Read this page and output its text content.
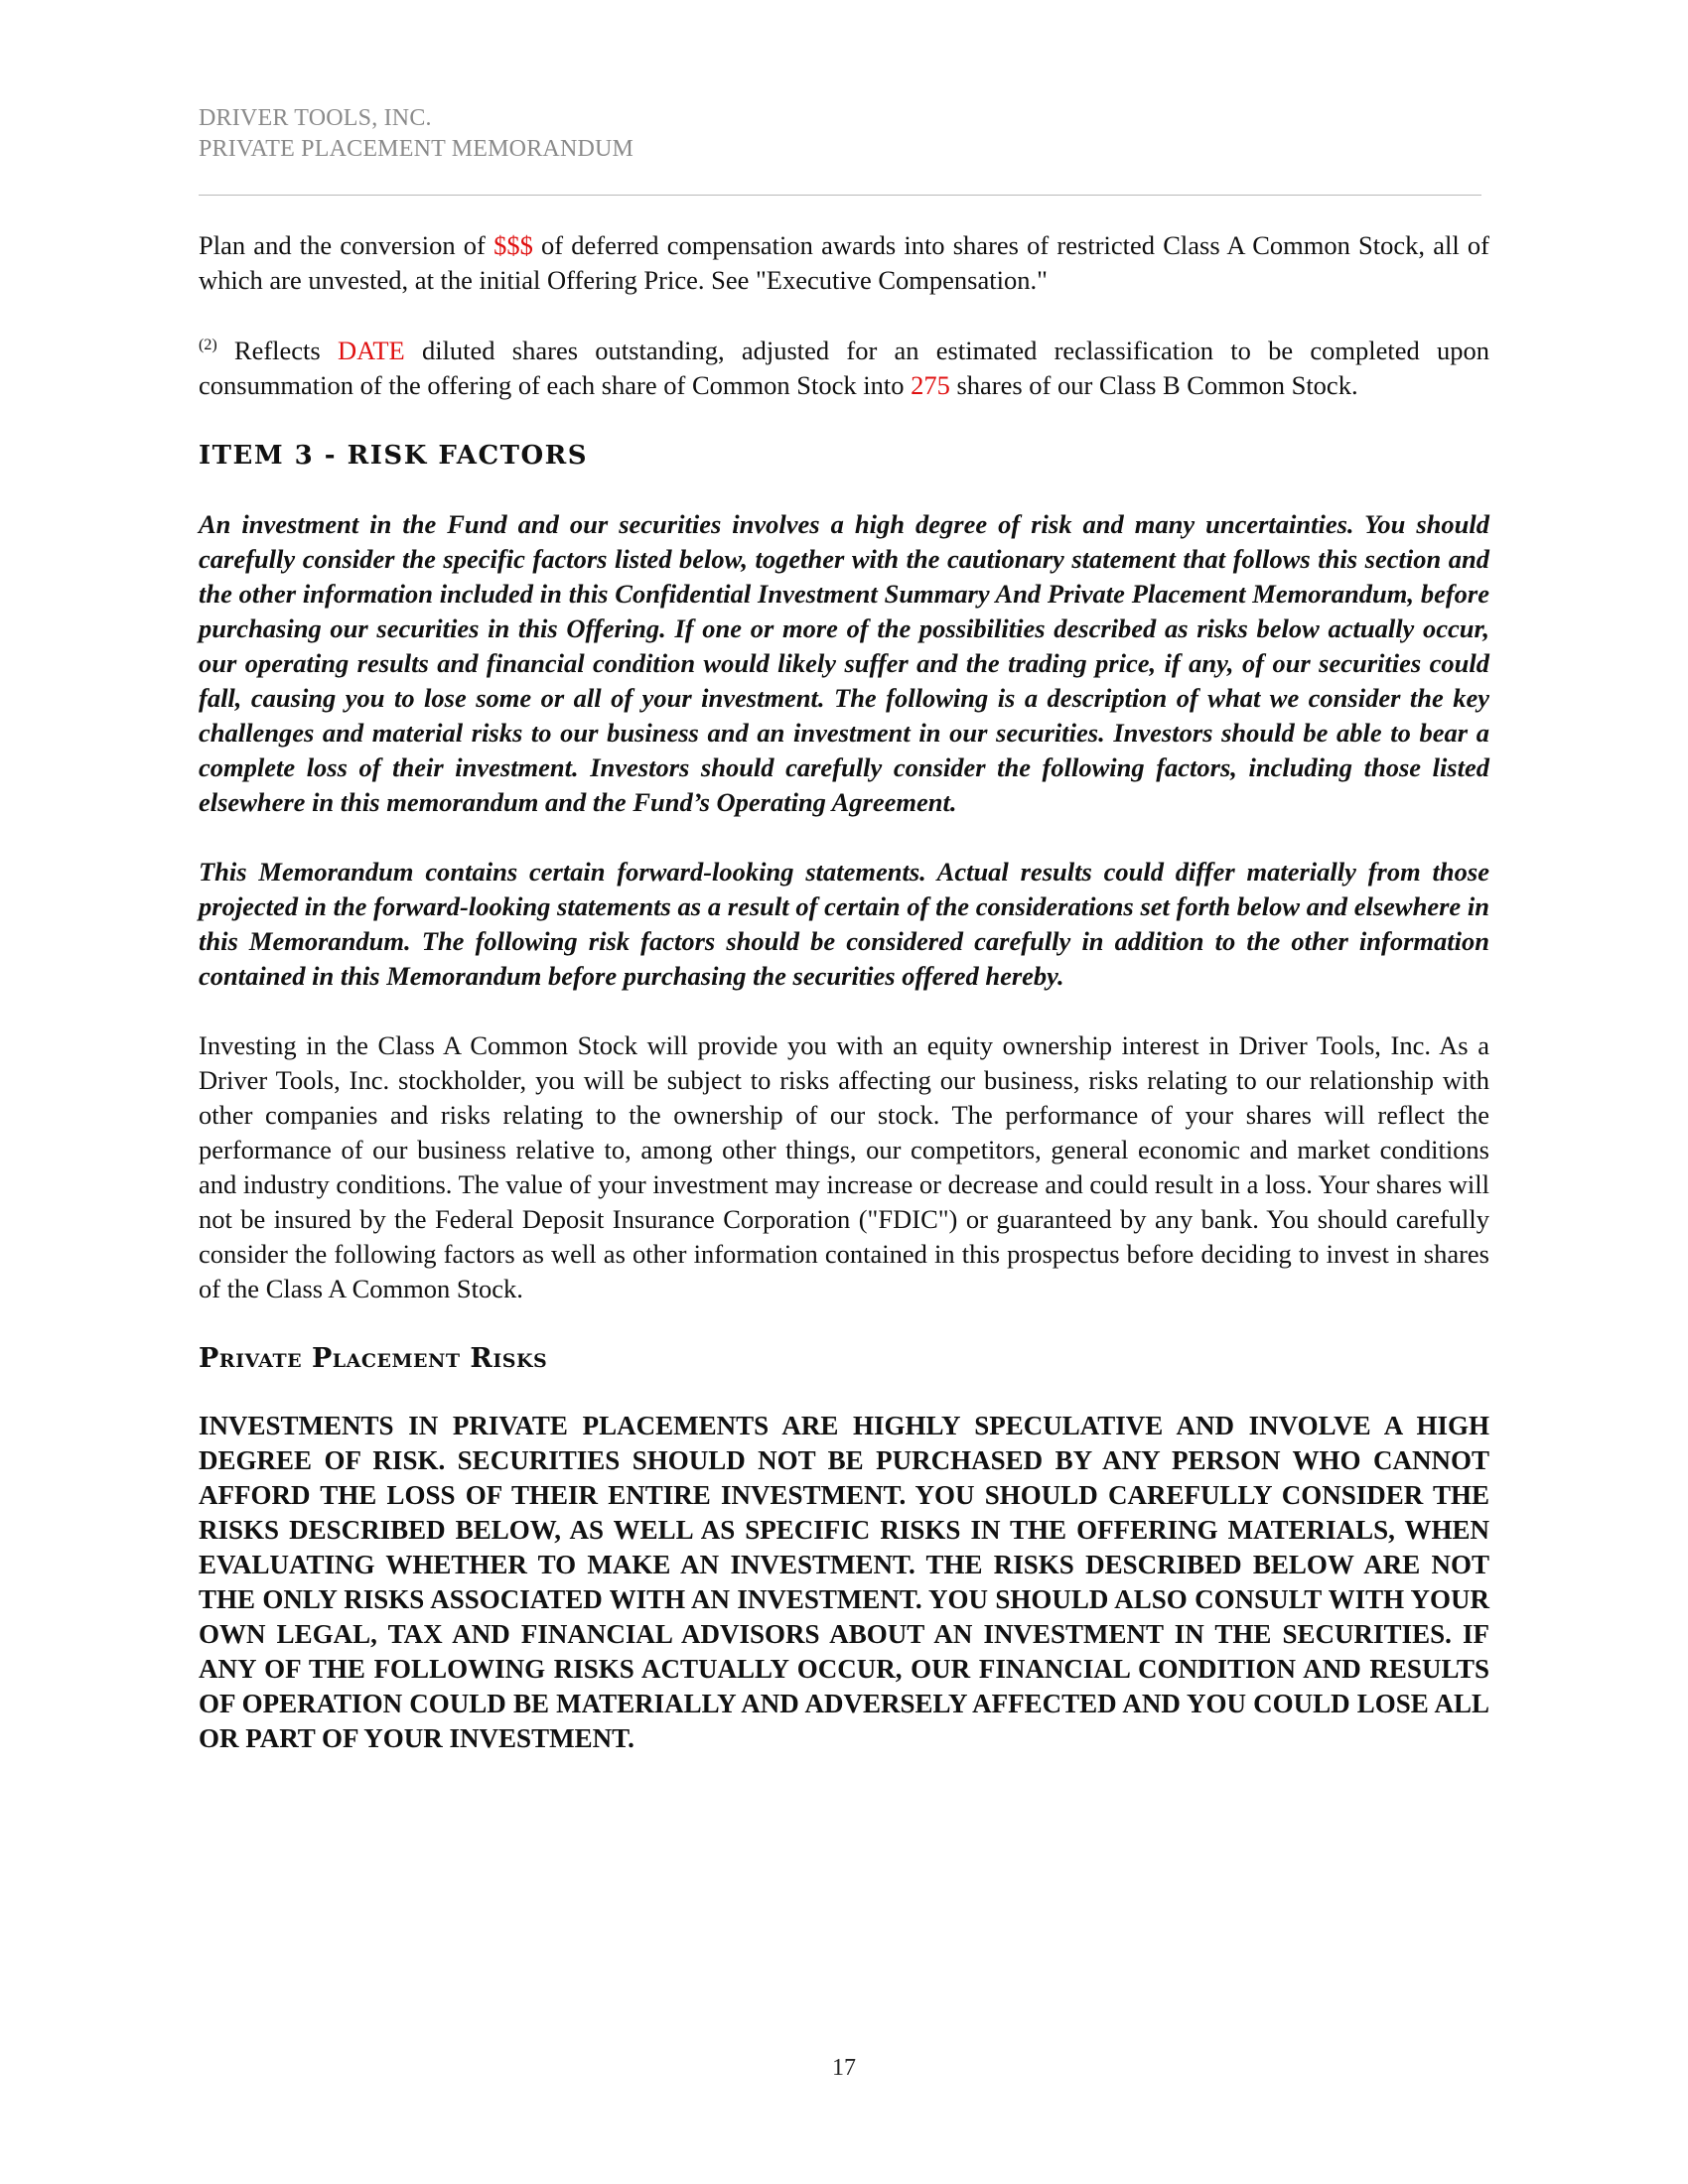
DRIVER TOOLS, INC.
PRIVATE PLACEMENT MEMORANDUM

Plan and the conversion of $$$ of deferred compensation awards into shares of restricted Class A Common Stock, all of which are unvested, at the initial Offering Price. See "Executive Compensation."

$^{(2)}$ Reflects DATE diluted shares outstanding, adjusted for an estimated reclassification to be completed upon consummation of the offering of each share of Common Stock into 275 shares of our Class B Common Stock.

ITEM 3 - RISK FACTORS

An investment in the Fund and our securities involves a high degree of risk and many uncertainties. You should carefully consider the specific factors listed below, together with the cautionary statement that follows this section and the other information included in this Confidential Investment Summary And Private Placement Memorandum, before purchasing our securities in this Offering. If one or more of the possibilities described as risks below actually occur, our operating results and financial condition would likely suffer and the trading price, if any, of our securities could fall, causing you to lose some or all of your investment. The following is a description of what we consider the key challenges and material risks to our business and an investment in our securities. Investors should be able to bear a complete loss of their investment. Investors should carefully consider the following factors, including those listed elsewhere in this memorandum and the Fund’s Operating Agreement.

This Memorandum contains certain forward-looking statements. Actual results could differ materially from those projected in the forward-looking statements as a result of certain of the considerations set forth below and elsewhere in this Memorandum. The following risk factors should be considered carefully in addition to the other information contained in this Memorandum before purchasing the securities offered hereby.

Investing in the Class A Common Stock will provide you with an equity ownership interest in Driver Tools, Inc. As a Driver Tools, Inc. stockholder, you will be subject to risks affecting our business, risks relating to our relationship with other companies and risks relating to the ownership of our stock. The performance of your shares will reflect the performance of our business relative to, among other things, our competitors, general economic and market conditions and industry conditions. The value of your investment may increase or decrease and could result in a loss. Your shares will not be insured by the Federal Deposit Insurance Corporation ("FDIC") or guaranteed by any bank. You should carefully consider the following factors as well as other information contained in this prospectus before deciding to invest in shares of the Class A Common Stock.

Private Placement Risks

INVESTMENTS IN PRIVATE PLACEMENTS ARE HIGHLY SPECULATIVE AND INVOLVE A HIGH DEGREE OF RISK. SECURITIES SHOULD NOT BE PURCHASED BY ANY PERSON WHO CANNOT AFFORD THE LOSS OF THEIR ENTIRE INVESTMENT. YOU SHOULD CAREFULLY CONSIDER THE RISKS DESCRIBED BELOW, AS WELL AS SPECIFIC RISKS IN THE OFFERING MATERIALS, WHEN EVALUATING WHETHER TO MAKE AN INVESTMENT. THE RISKS DESCRIBED BELOW ARE NOT THE ONLY RISKS ASSOCIATED WITH AN INVESTMENT. YOU SHOULD ALSO CONSULT WITH YOUR OWN LEGAL, TAX AND FINANCIAL ADVISORS ABOUT AN INVESTMENT IN THE SECURITIES. IF ANY OF THE FOLLOWING RISKS ACTUALLY OCCUR, OUR FINANCIAL CONDITION AND RESULTS OF OPERATION COULD BE MATERIALLY AND ADVERSELY AFFECTED AND YOU COULD LOSE ALL OR PART OF YOUR INVESTMENT.

17
